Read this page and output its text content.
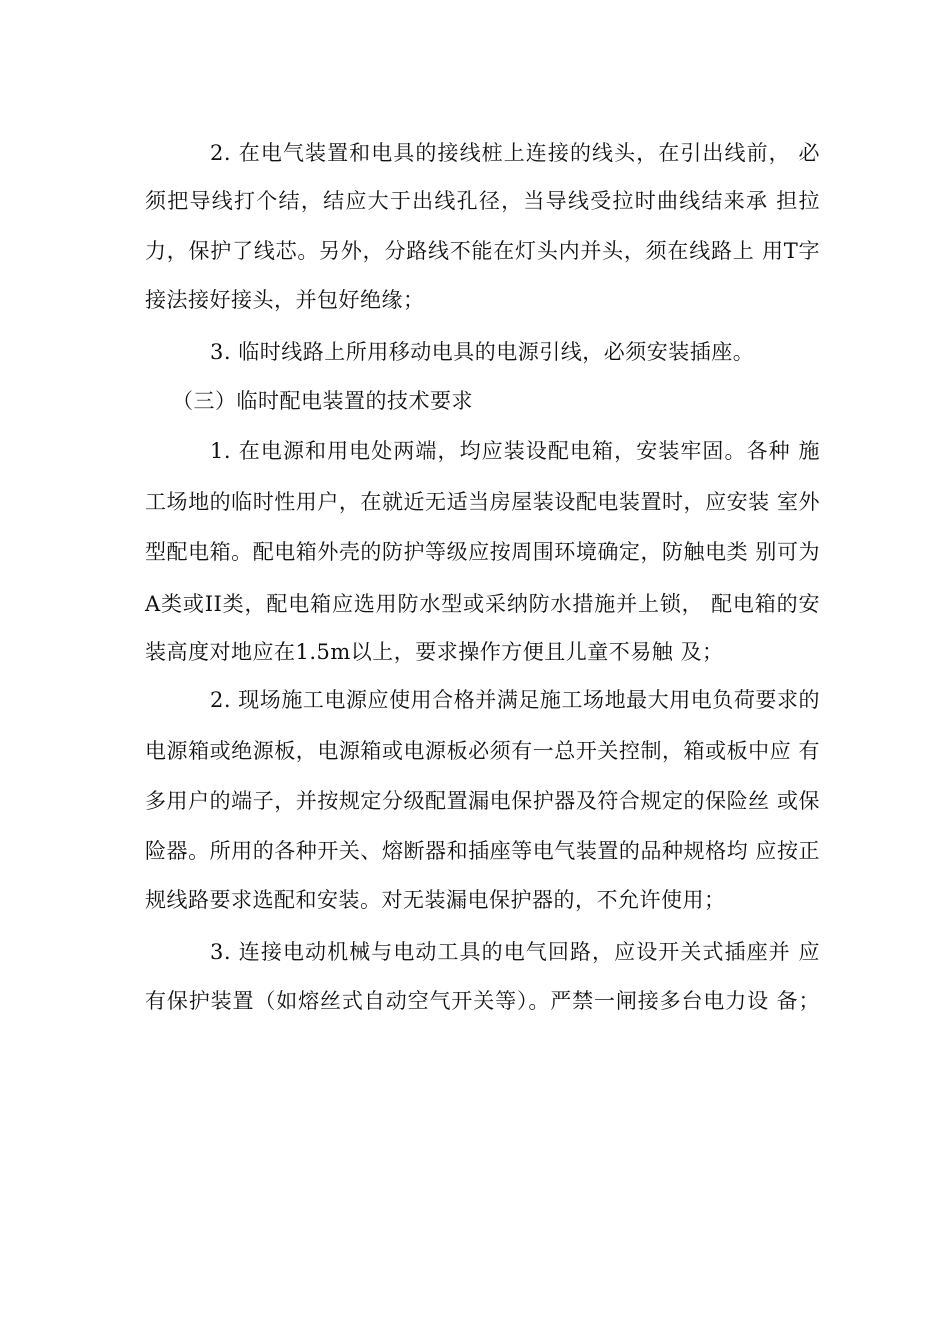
2. 在电气装置和电具的接线桩上连接的线头，在引出线前， 必
须把导线打个结，结应大于出线孔径，当导线受拉时曲线结来承 担拉
力，保护了线芯。另外，分路线不能在灯头内并头，须在线路上 用T字
接法接好接头，并包好绝缘；
3. 临时线路上所用移动电具的电源引线，必须安装插座。
（三）临时配电装置的技术要求
1. 在电源和用电处两端，均应装设配电箱，安装牢固。各种 施
工场地的临时性用户，在就近无适当房屋装设配电装置时，应安装 室外
型配电箱。配电箱外壳的防护等级应按周围环境确定，防触电类 别可为
A类或II类，配电箱应选用防水型或采纳防水措施并上锁， 配电箱的安
装高度对地应在1.5m以上，要求操作方便且儿童不易触 及；
2. 现场施工电源应使用合格并满足施工场地最大用电负荷要求的
电源箱或绝源板，电源箱或电源板必须有一总开关控制，箱或板中应 有
多用户的端子，并按规定分级配置漏电保护器及符合规定的保险丝 或保
险器。所用的各种开关、熔断器和插座等电气装置的品种规格均 应按正
规线路要求选配和安装。对无装漏电保护器的，不允许使用；
3. 连接电动机械与电动工具的电气回路，应设开关式插座并 应
有保护装置（如熔丝式自动空气开关等）。严禁一闸接多台电力设 备；
